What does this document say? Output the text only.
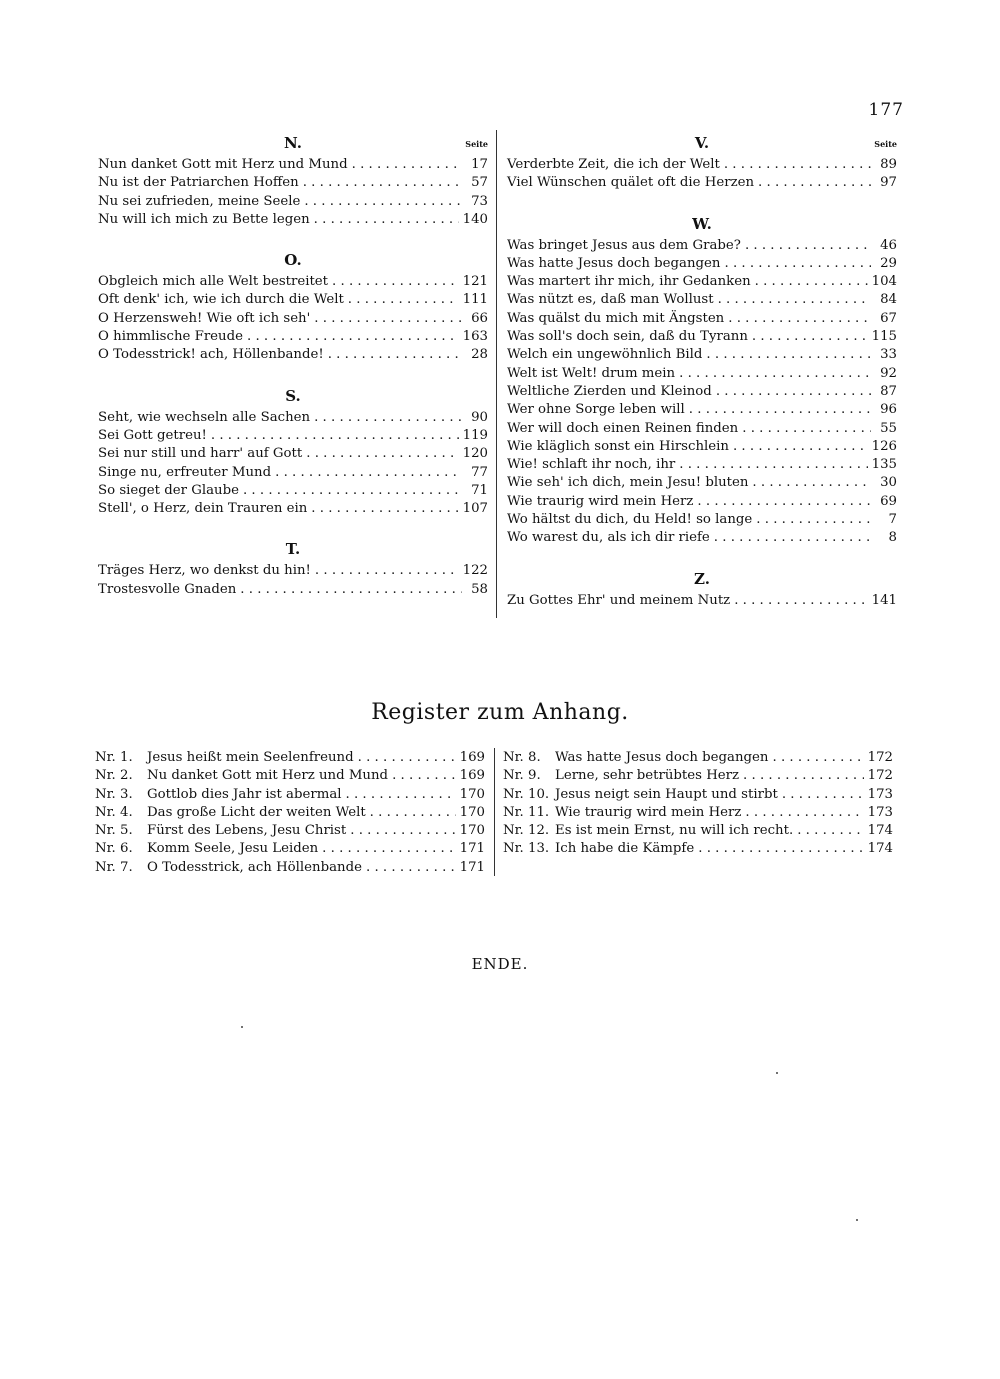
177
N.	Seite
Nun danket Gott mit Herz und Mund . . .	17
Nu ist der Patriarchen Hoffen . . .	57
Nu sei zufrieden, meine Seele . . .	73
Nu will ich mich zu Bette legen . . .	140
O.
Obgleich mich alle Welt bestreitet . . .	121
Oft denk' ich, wie ich durch die Welt . . .	111
O Herzensweh! Wie oft ich seh' . . .	66
O himmlische Freude . . .	163
O Todesstrick! ach, Höllenbande! . . .	28
S.
Seht, wie wechseln alle Sachen . . .	90
Sei Gott getreu! . . .	119
Sei nur still und harr' auf Gott . . .	120
Singe nu, erfreuter Mund . . .	77
So sieget der Glaube . . .	71
Stell', o Herz, dein Trauren ein . . .	107
T.
Träges Herz, wo denkst du hin! . . .	122
Trostesvolle Gnaden . . .	58
V.	Seite
Verderbte Zeit, die ich der Welt . . .	89
Viel Wünschen quälet oft die Herzen . . .	97
W.
Was bringet Jesus aus dem Grabe? . . .	46
Was hatte Jesus doch begangen . . .	29
Was martert ihr mich, ihr Gedanken . . .	104
Was nützt es, daß man Wollust . . .	84
Was quälst du mich mit Ängsten . . .	67
Was soll's doch sein, daß du Tyrann . . .	115
Welch ein ungewöhnlich Bild . . .	33
Welt ist Welt! drum mein . . .	92
Weltliche Zierden und Kleinod . . .	87
Wer ohne Sorge leben will . . .	96
Wer will doch einen Reinen finden . . .	55
Wie kläglich sonst ein Hirschlein . . .	126
Wie! schlaft ihr noch, ihr . . .	135
Wie seh' ich dich, mein Jesu! bluten . . .	30
Wie traurig wird mein Herz . . .	69
Wo hältst du dich, du Held! so lange . . .	7
Wo warest du, als ich dir riefe . . .	8
Z.
Zu Gottes Ehr' und meinem Nutz . . .	141
Register zum Anhang.
Nr. 1.	Jesus heißt mein Seelenfreund . . .	169
Nr. 2.	Nu danket Gott mit Herz und Mund . . .	169
Nr. 3.	Gottlob dies Jahr ist abermal . . .	170
Nr. 4.	Das große Licht der weiten Welt . . .	170
Nr. 5.	Fürst des Lebens, Jesu Christ . . .	170
Nr. 6.	Komm Seele, Jesu Leiden . . .	171
Nr. 7.	O Todesstrick, ach Höllenbande . . .	171
Nr. 8.	Was hatte Jesus doch begangen . . .	172
Nr. 9.	Lerne, sehr betrübtes Herz . . .	172
Nr. 10. Jesus neigt sein Haupt und stirbt . . .	173
Nr. 11. Wie traurig wird mein Herz . . .	173
Nr. 12. Es ist mein Ernst, nu will ich recht. . . .	174
Nr. 13. Ich habe die Kämpfe . . .	174
ENDE.
